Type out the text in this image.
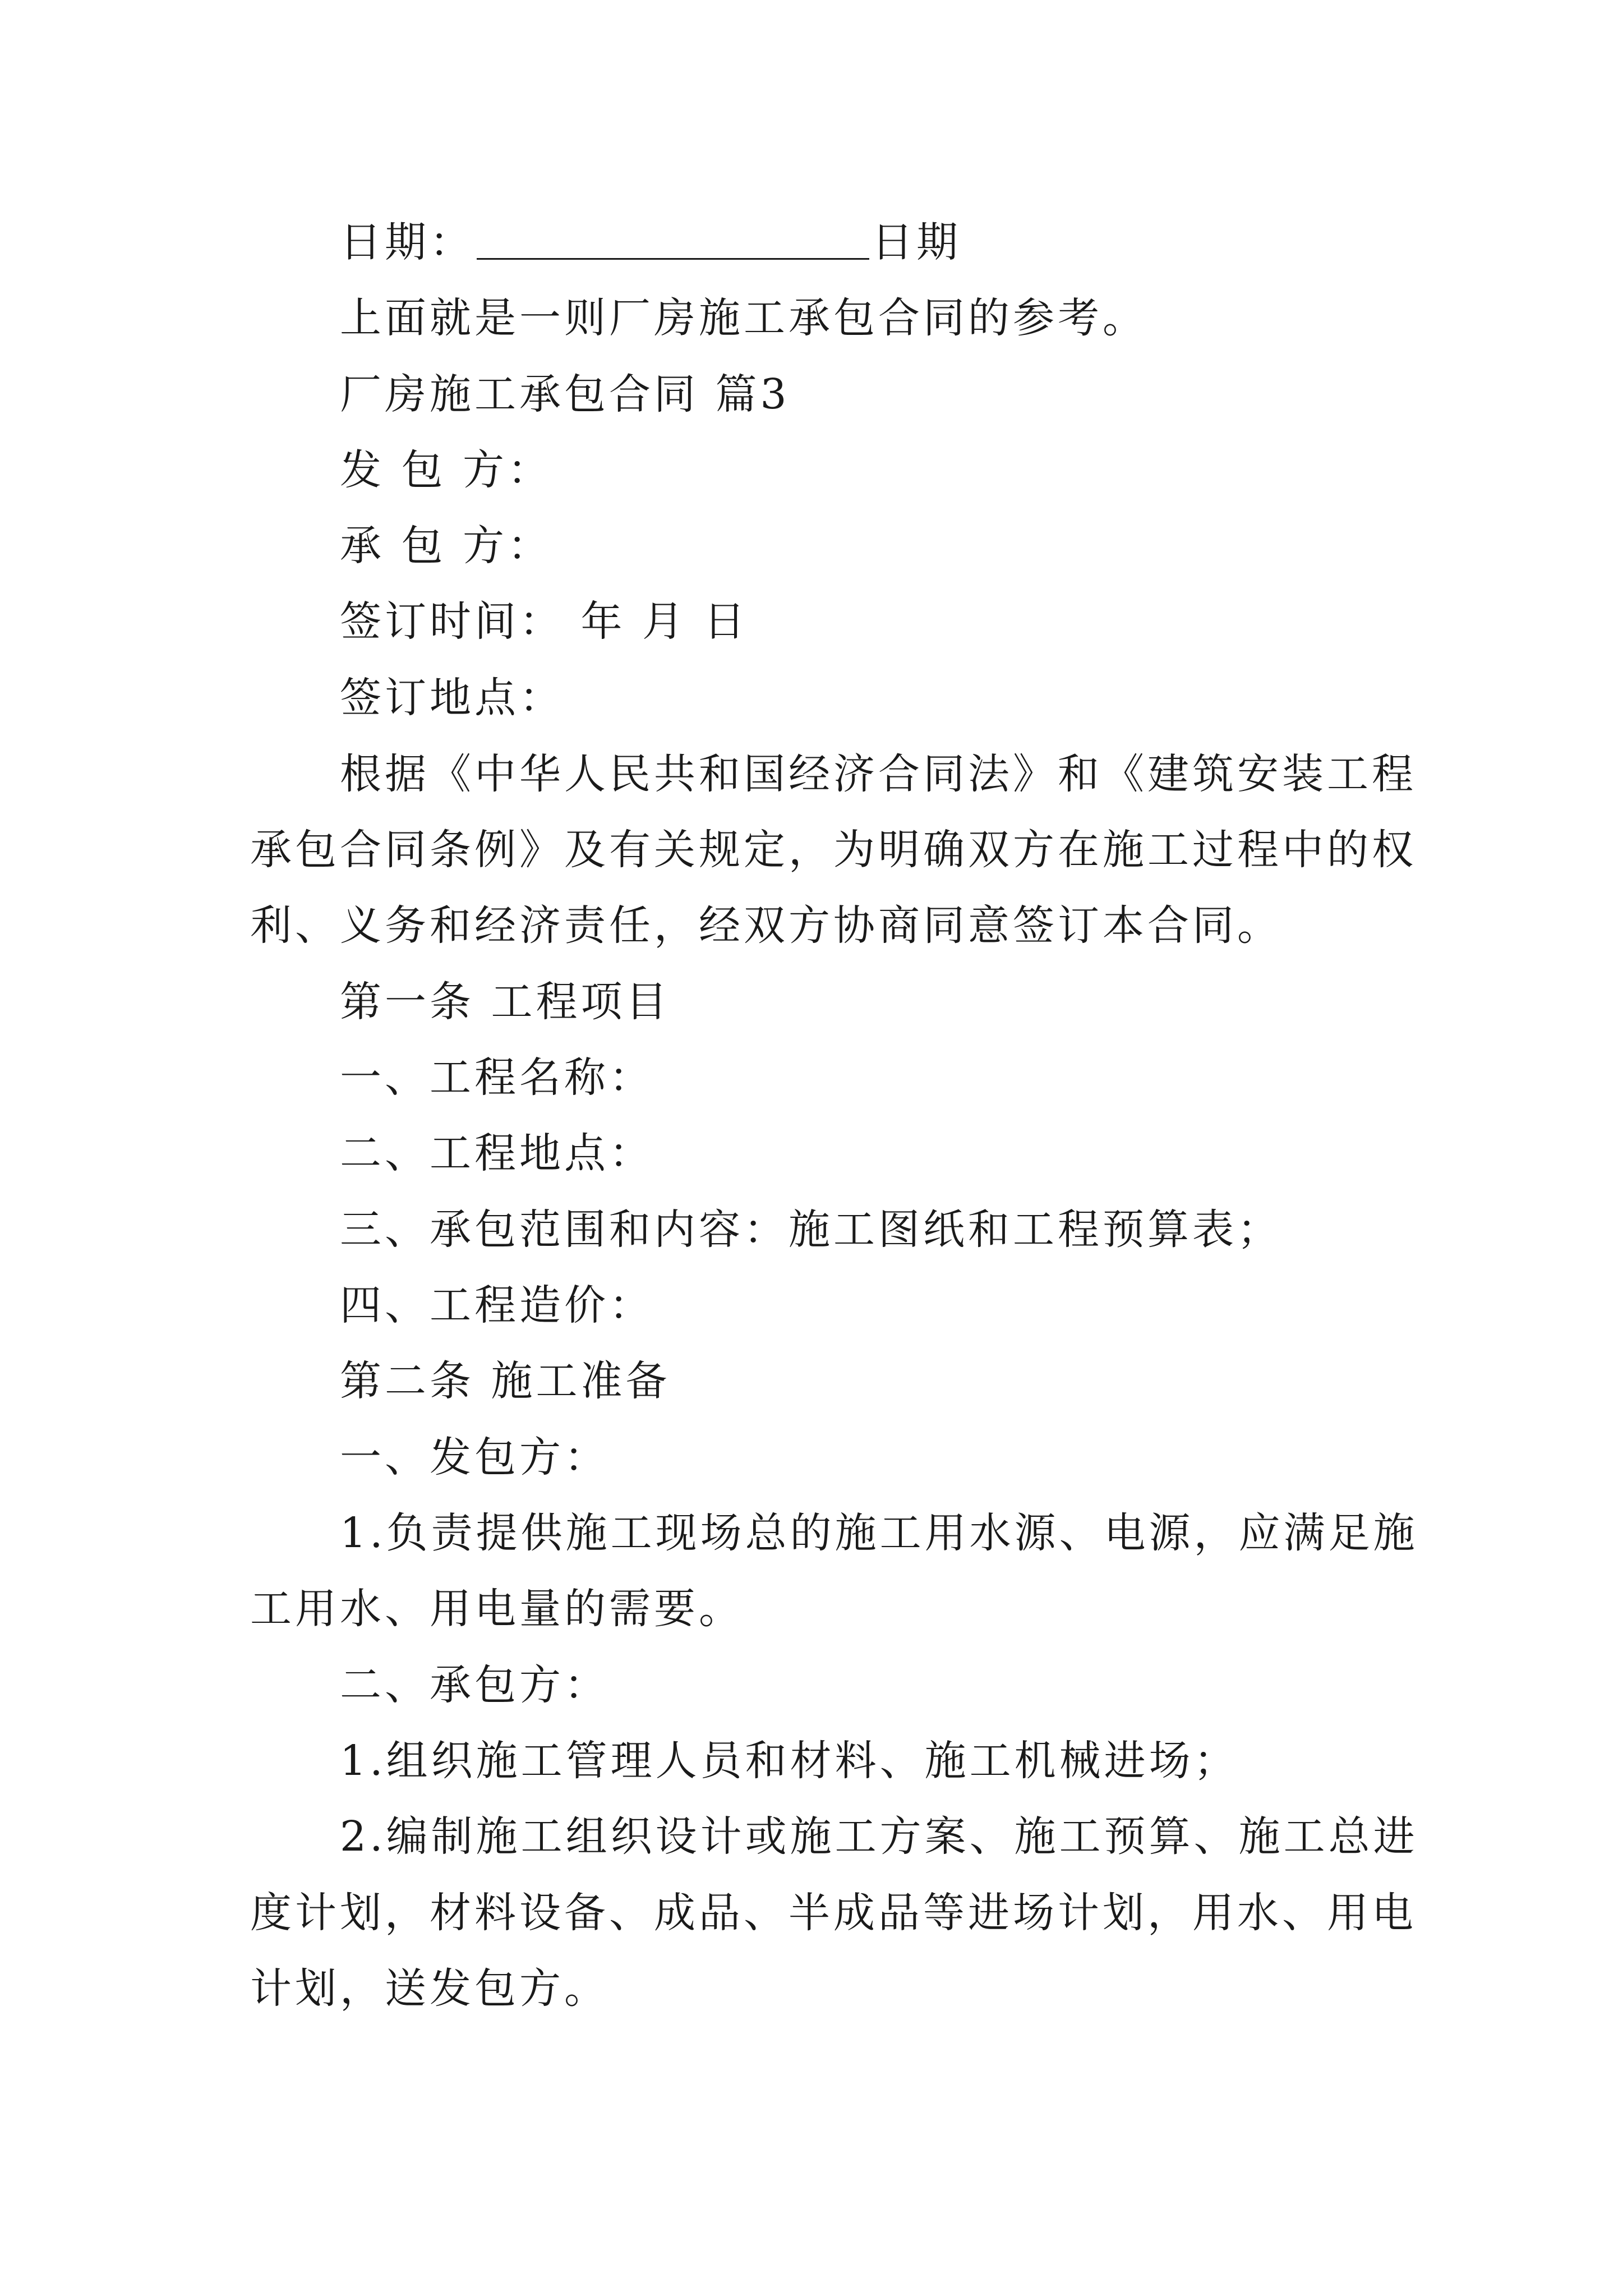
日期：	日期
上面就是一则厂房施工承包合同的参考。
厂房施工承包合同 篇3
发 包 方：
承 包 方：
签订时间： 年 月 日
签订地点：
根据《中华人民共和国经济合同法》和《建筑安装工程
承包合同条例》及有关规定，为明确双方在施工过程中的权
利、义务和经济责任，经双方协商同意签订本合同。
第一条 工程项目
一、工程名称：
二、工程地点：
三、承包范围和内容：施工图纸和工程预算表；
四、工程造价：
第二条 施工准备
一、发包方：
1.负责提供施工现场总的施工用水源、电源，应满足施
工用水、用电量的需要。
二、承包方：
1.组织施工管理人员和材料、施工机械进场；
2.编制施工组织设计或施工方案、施工预算、施工总进
度计划，材料设备、成品、半成品等进场计划，用水、用电
计划，送发包方。
